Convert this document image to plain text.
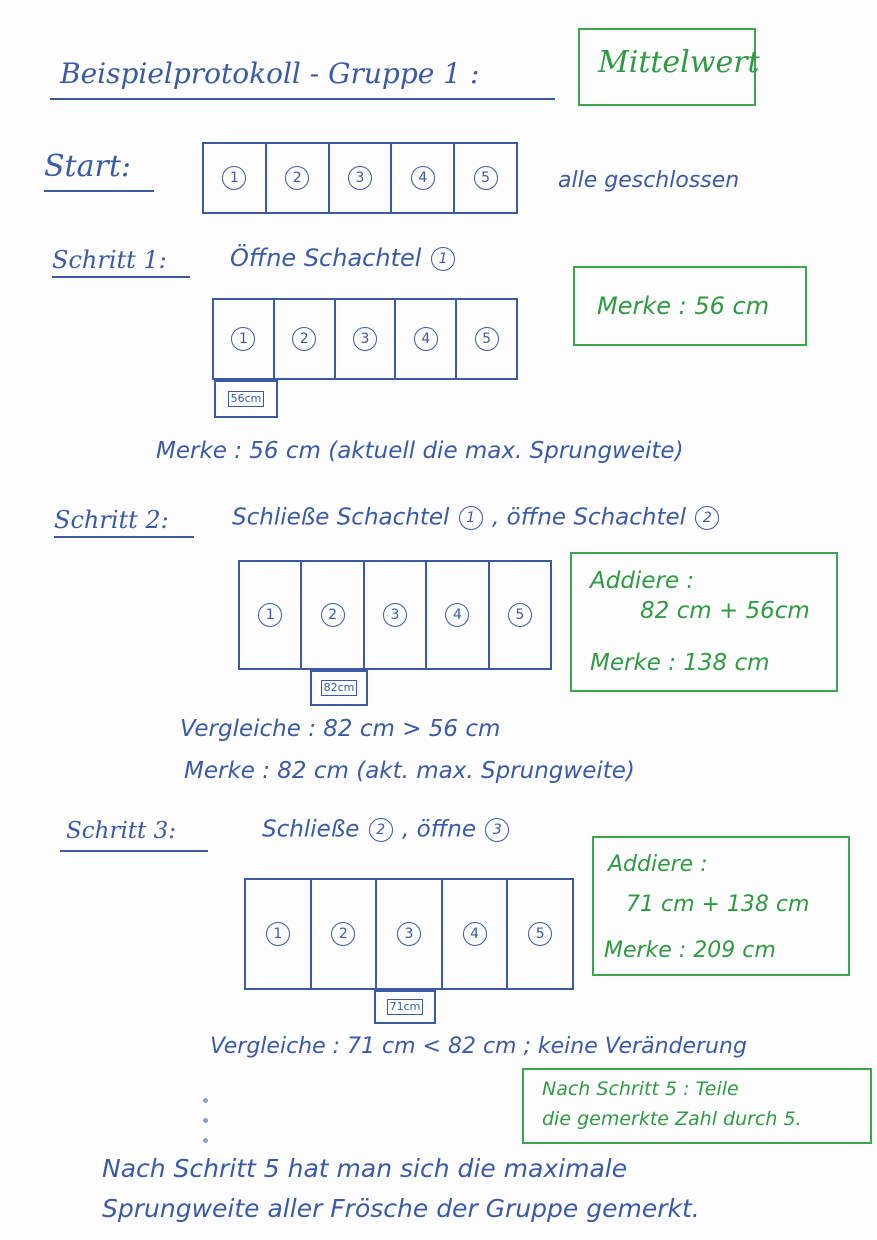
Beispielprotokoll - Gruppe 1 :	Mittelwert
Start:	1	2	3	4	5	alle geschlossen
Schritt 1:	Öffne Schachtel 1
1	2	3	4	5
56cm
Merke : 56 cm
Merke : 56 cm (aktuell die max. Sprungweite)
Schritt 2:	Schließe Schachtel 1 , öffne Schachtel 2
1	2	3	4	5
82cm
Addiere :
82 cm + 56cm
Merke : 138 cm
Vergleiche : 82 cm > 56 cm
Merke : 82 cm (akt. max. Sprungweite)
Schritt 3:	Schließe 2 , öffne 3
1	2	3	4	5
71cm
Addiere :
71 cm + 138 cm
Merke : 209 cm
Vergleiche : 71 cm < 82 cm ; keine Veränderung
Nach Schritt 5 : Teile
die gemerkte Zahl durch 5.
Nach Schritt 5 hat man sich die maximale
Sprungweite aller Frösche der Gruppe gemerkt.
